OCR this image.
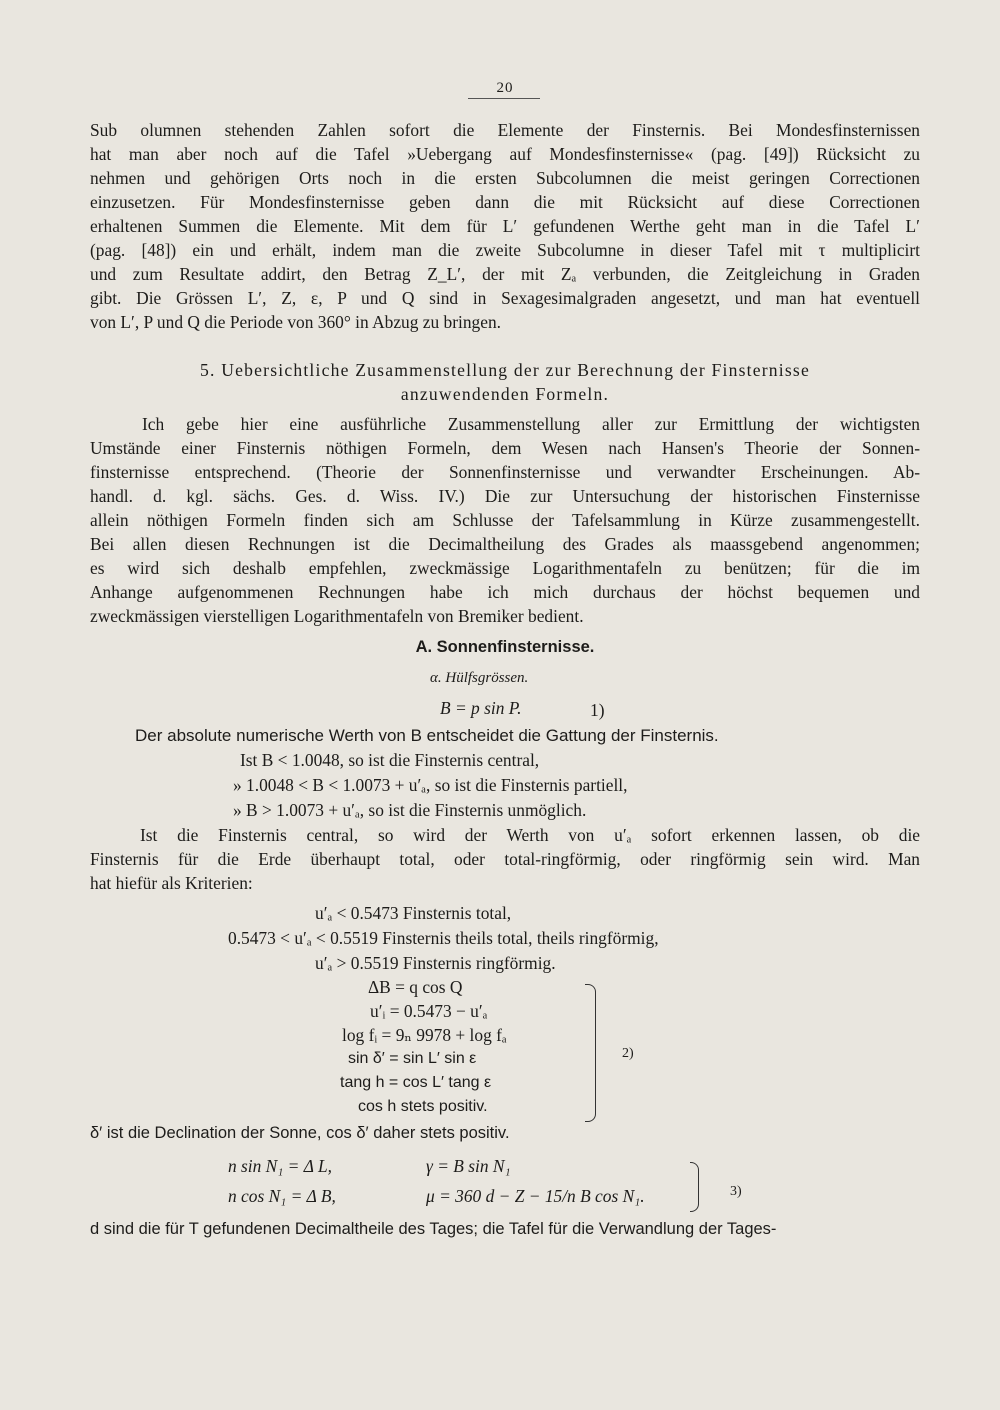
20

Sub olumnen stehenden Zahlen sofort die Elemente der Finsternis. Bei Mondesfinsternissen
hat man aber noch auf die Tafel »Uebergang auf Mondesfinsternisse« (pag. [49]) Rücksicht zu
nehmen und gehörigen Orts noch in die ersten Subcolumnen die meist geringen Correctionen
einzusetzen. Für Mondesfinsternisse geben dann die mit Rücksicht auf diese Correctionen
erhaltenen Summen die Elemente. Mit dem für L′ gefundenen Werthe geht man in die Tafel L′
(pag. [48]) ein und erhält, indem man die zweite Subcolumne in dieser Tafel mit τ multiplicirt
und zum Resultate addirt, den Betrag Z_L′, der mit Zₐ verbunden, die Zeitgleichung in Graden
gibt. Die Grössen L′, Z, ε, P und Q sind in Sexagesimalgraden angesetzt, und man hat eventuell
von L′, P und Q die Periode von 360° in Abzug zu bringen.

5. Uebersichtliche Zusammenstellung der zur Berechnung der Finsternisse
anzuwendenden Formeln.

Ich gebe hier eine ausführliche Zusammenstellung aller zur Ermittlung der wichtigsten
Umstände einer Finsternis nöthigen Formeln, dem Wesen nach Hansen's Theorie der Sonnen-
finsternisse entsprechend. (Theorie der Sonnenfinsternisse und verwandter Erscheinungen. Ab-
handl. d. kgl. sächs. Ges. d. Wiss. IV.) Die zur Untersuchung der historischen Finsternisse
allein nöthigen Formeln finden sich am Schlusse der Tafelsammlung in Kürze zusammengestellt.
Bei allen diesen Rechnungen ist die Decimaltheilung des Grades als maassgebend angenommen;
es wird sich deshalb empfehlen, zweckmässige Logarithmentafeln zu benützen; für die im
Anhange aufgenommenen Rechnungen habe ich mich durchaus der höchst bequemen und
zweckmässigen vierstelligen Logarithmentafeln von Bremiker bedient.

A. Sonnenfinsternisse.
α. Hülfsgrössen.
B = p sin P.	1)
Der absolute numerische Werth von B entscheidet die Gattung der Finsternis.
Ist B < 1.0048, so ist die Finsternis central,
» 1.0048 < B < 1.0073 + u′ₐ, so ist die Finsternis partiell,
» B > 1.0073 + u′ₐ, so ist die Finsternis unmöglich.

Ist die Finsternis central, so wird der Werth von u′ₐ sofort erkennen lassen, ob die
Finsternis für die Erde überhaupt total, oder total-ringförmig, oder ringförmig sein wird. Man
hat hiefür als Kriterien:

u′ₐ < 0.5473 Finsternis total,
0.5473 < u′ₐ < 0.5519 Finsternis theils total, theils ringförmig,
u′ₐ > 0.5519 Finsternis ringförmig.
ΔB = q cos Q
u′ᵢ = 0.5473 − u′ₐ
log fᵢ = 9ₙ 9978 + log fₐ
sin δ′ = sin L′ sin ε
tang h = cos L′ tang ε
cos h stets positiv.
2)
δ′ ist die Declination der Sonne, cos δ′ daher stets positiv.
n sin N₁ = Δ L,	γ = B sin N₁
n cos N₁ = Δ B,	μ = 360 d − Z − 15/n B cos N₁.	3)
d sind die für T gefundenen Decimaltheile des Tages; die Tafel für die Verwandlung der Tages-
